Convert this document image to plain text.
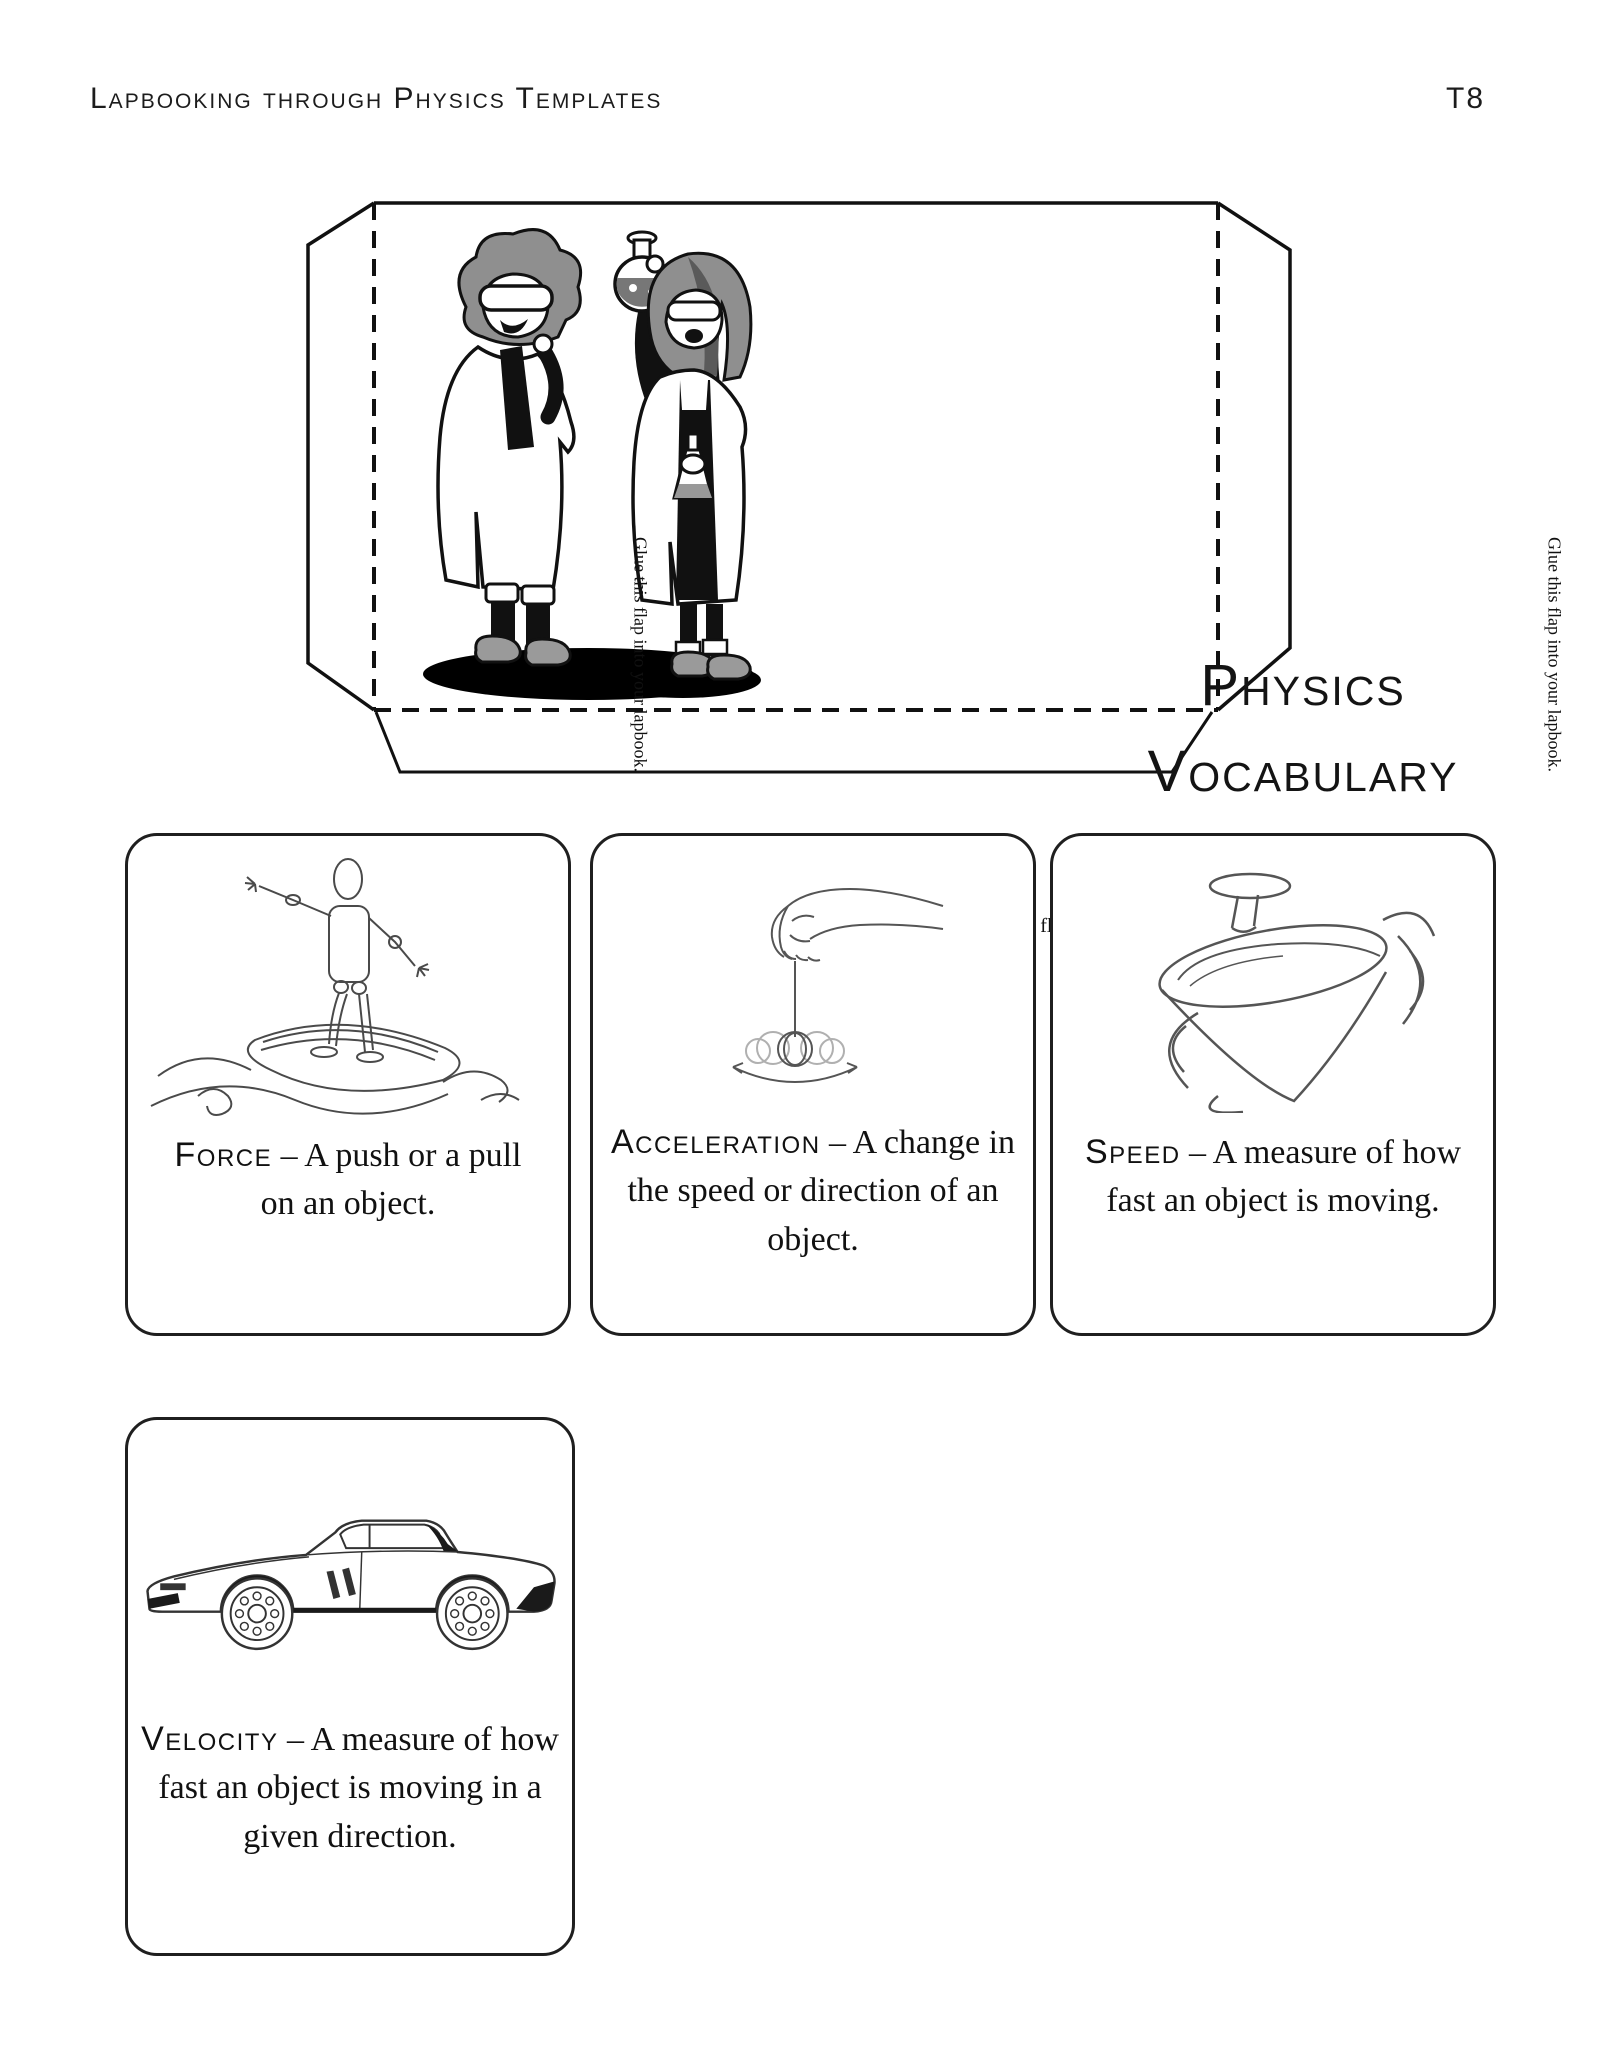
Lapbooking through Physics Templates	T8
Physics
Vocabulary
Glue this flap into your lapbook.	Glue this flap into your lapbook.
Force – A push or a pull on an object.
Acceleration – A change in the speed or direction of an object.
Speed – A measure of how fast an object is moving.
Velocity – A measure of how fast an object is moving in a given direction.
